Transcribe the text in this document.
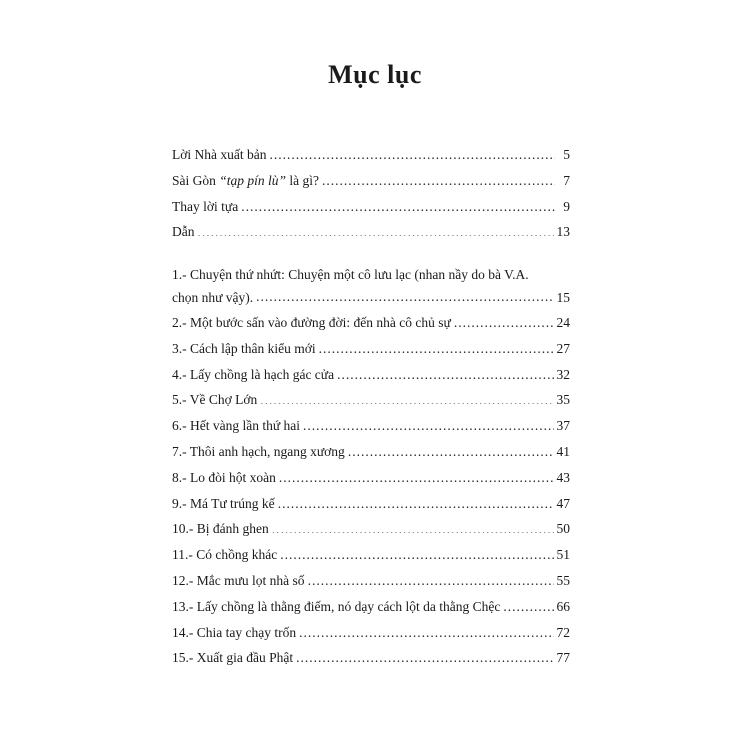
Mục lục
Lời Nhà xuất bản .....	5
Sài Gòn “tạp pín lù” là gì? .....	7
Thay lời tựa .....	9
Dẫn .....	13
1.- Chuyện thứ nhứt: Chuyện một cô lưu lạc (nhan nầy do bà V.A.
chọn như vậy). .....	15
2.- Một bước sấn vào đường đời: đến nhà cô chủ sự .....	24
3.- Cách lập thân kiểu mới .....	27
4.- Lấy chồng là hạch gác cửa .....	32
5.- Về Chợ Lớn .....	35
6.- Hết vàng lần thứ hai .....	37
7.- Thôi anh hạch, ngang xương .....	41
8.- Lo đòi hột xoàn .....	43
9.- Má Tư trúng kế .....	47
10.- Bị đánh ghen .....	50
11.- Có chồng khác .....	51
12.- Mắc mưu lọt nhà số .....	55
13.- Lấy chồng là thằng điếm, nó dạy cách lột da thằng Chệc .....	66
14.- Chia tay chạy trốn .....	72
15.- Xuất gia đầu Phật .....	77
